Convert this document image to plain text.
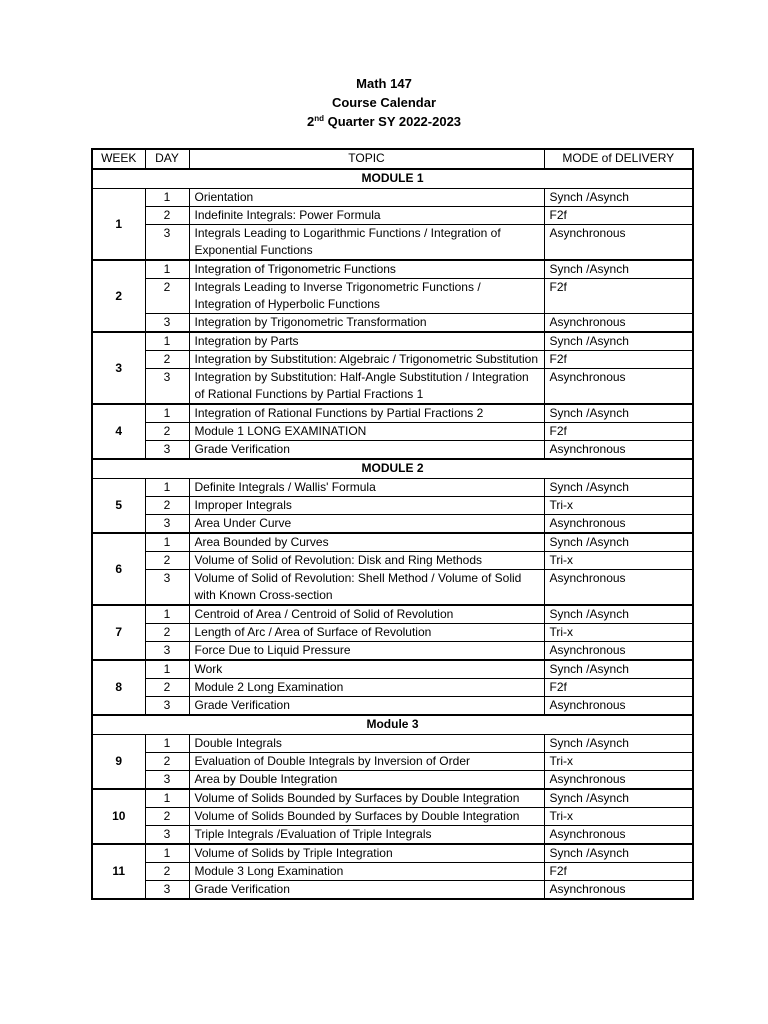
Math 147
Course Calendar
2nd Quarter SY 2022-2023
WEEK	DAY	TOPIC	MODE of DELIVERY
MODULE 1			
1	1	Orientation	Synch /Asynch
	2	Indefinite Integrals: Power Formula	F2f
	3	Integrals Leading to Logarithmic Functions / Integration of Exponential Functions	Asynchronous
2	1	Integration of Trigonometric Functions	Synch /Asynch
	2	Integrals Leading to Inverse Trigonometric Functions / Integration of Hyperbolic Functions	F2f
	3	Integration by Trigonometric Transformation	Asynchronous
3	1	Integration by Parts	Synch /Asynch
	2	Integration by Substitution: Algebraic / Trigonometric Substitution	F2f
	3	Integration by Substitution: Half-Angle Substitution / Integration of Rational Functions by Partial Fractions 1	Asynchronous
4	1	Integration of Rational Functions by Partial Fractions 2	Synch /Asynch
	2	Module 1 LONG EXAMINATION	F2f
	3	Grade Verification	Asynchronous
MODULE 2			
5	1	Definite Integrals / Wallis' Formula	Synch /Asynch
	2	Improper Integrals	Tri-x
	3	Area Under Curve	Asynchronous
6	1	Area Bounded by Curves	Synch /Asynch
	2	Volume of Solid of Revolution: Disk and Ring Methods	Tri-x
	3	Volume of Solid of Revolution: Shell Method / Volume of Solid with Known Cross-section	Asynchronous
7	1	Centroid of Area / Centroid of Solid of Revolution	Synch /Asynch
	2	Length of Arc / Area of Surface of Revolution	Tri-x
	3	Force Due to Liquid Pressure	Asynchronous
8	1	Work	Synch /Asynch
	2	Module 2 Long Examination	F2f
	3	Grade Verification	Asynchronous
Module 3			
9	1	Double Integrals	Synch /Asynch
	2	Evaluation of Double Integrals by Inversion of Order	Tri-x
	3	Area by Double Integration	Asynchronous
10	1	Volume of Solids Bounded by Surfaces by Double Integration	Synch /Asynch
	2	Volume of Solids Bounded by Surfaces by Double Integration	Tri-x
	3	Triple Integrals /Evaluation of Triple Integrals	Asynchronous
11	1	Volume of Solids by Triple Integration	Synch /Asynch
	2	Module 3 Long Examination	F2f
	3	Grade Verification	Asynchronous
